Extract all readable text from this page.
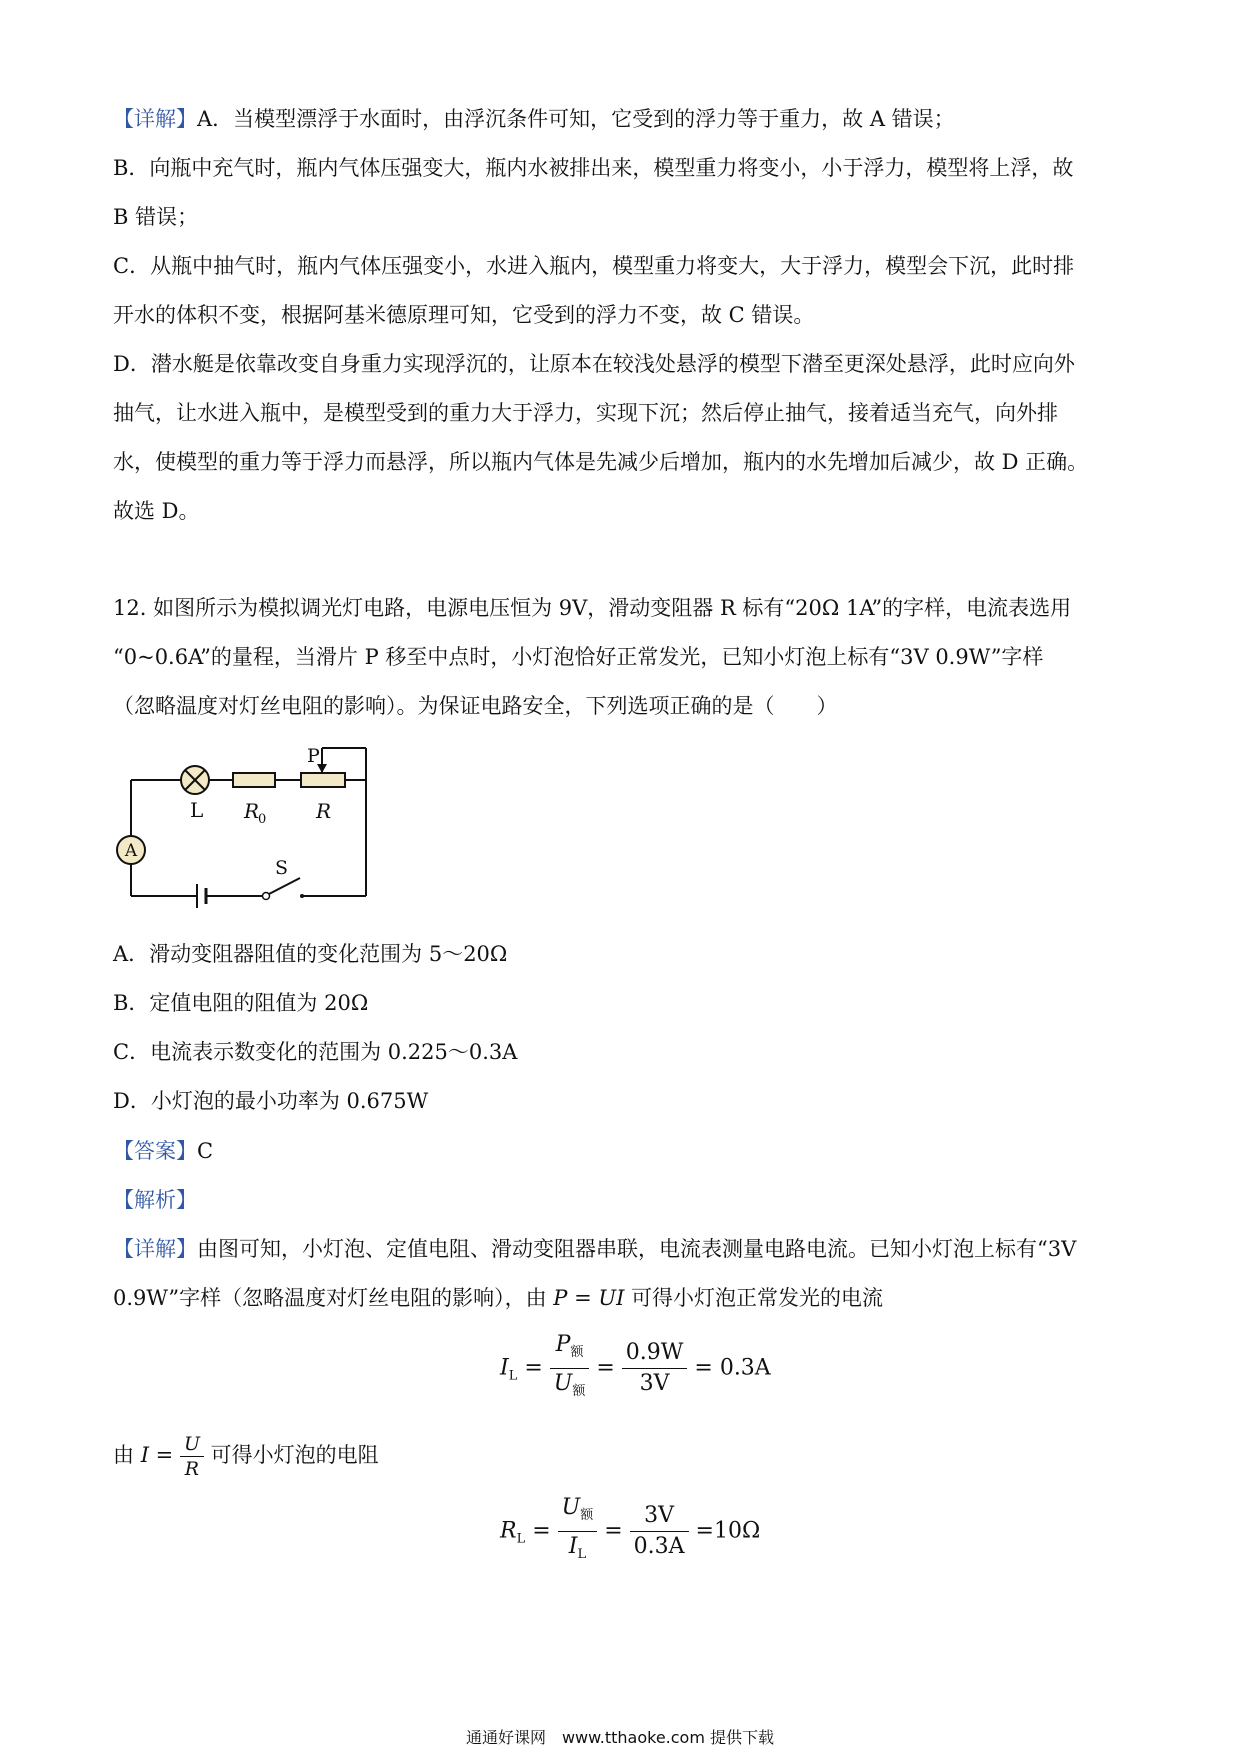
【详解】A．当模型漂浮于水面时，由浮沉条件可知，它受到的浮力等于重力，故 A 错误；
B．向瓶中充气时，瓶内气体压强变大，瓶内水被排出来，模型重力将变小，小于浮力，模型将上浮，故
B 错误；
C．从瓶中抽气时，瓶内气体压强变小，水进入瓶内，模型重力将变大，大于浮力，模型会下沉，此时排
开水的体积不变，根据阿基米德原理可知，它受到的浮力不变，故 C 错误。
D．潜水艇是依靠改变自身重力实现浮沉的，让原本在较浅处悬浮的模型下潜至更深处悬浮，此时应向外
抽气，让水进入瓶中，是模型受到的重力大于浮力，实现下沉；然后停止抽气，接着适当充气，向外排
水，使模型的重力等于浮力而悬浮，所以瓶内气体是先减少后增加，瓶内的水先增加后减少，故 D 正确。
故选 D。
12. 如图所示为模拟调光灯电路，电源电压恒为 9V，滑动变阻器 R 标有“20Ω 1A”的字样，电流表选用
“0~0.6A”的量程，当滑片 P 移至中点时，小灯泡恰好正常发光，已知小灯泡上标有“3V 0.9W”字样
（忽略温度对灯丝电阻的影响）。为保证电路安全，下列选项正确的是（　　）
A
L R
0 R
P
S
A．滑动变阻器阻值的变化范围为 5～20Ω
B．定值电阻的阻值为 20Ω
C．电流表示数变化的范围为 0.225～0.3A
D．小灯泡的最小功率为 0.675W
【答案】C
【解析】
【详解】由图可知，小灯泡、定值电阻、滑动变阻器串联，电流表测量电路电流。已知小灯泡上标有“3V
0.9W”字样（忽略温度对灯丝电阻的影响），由 P = UI 可得小灯泡正常发光的电流
$I_L = \frac{P_额}{U_额} = \frac{0.9W}{3V} = 0.3A$
由 $I = \frac{U}{R}$ 可得小灯泡的电阻
$R_L = \frac{U_额}{I_L} = \frac{3V}{0.3A} =10\Omega$
通通好课网　www.tthaoke.com 提供下载
